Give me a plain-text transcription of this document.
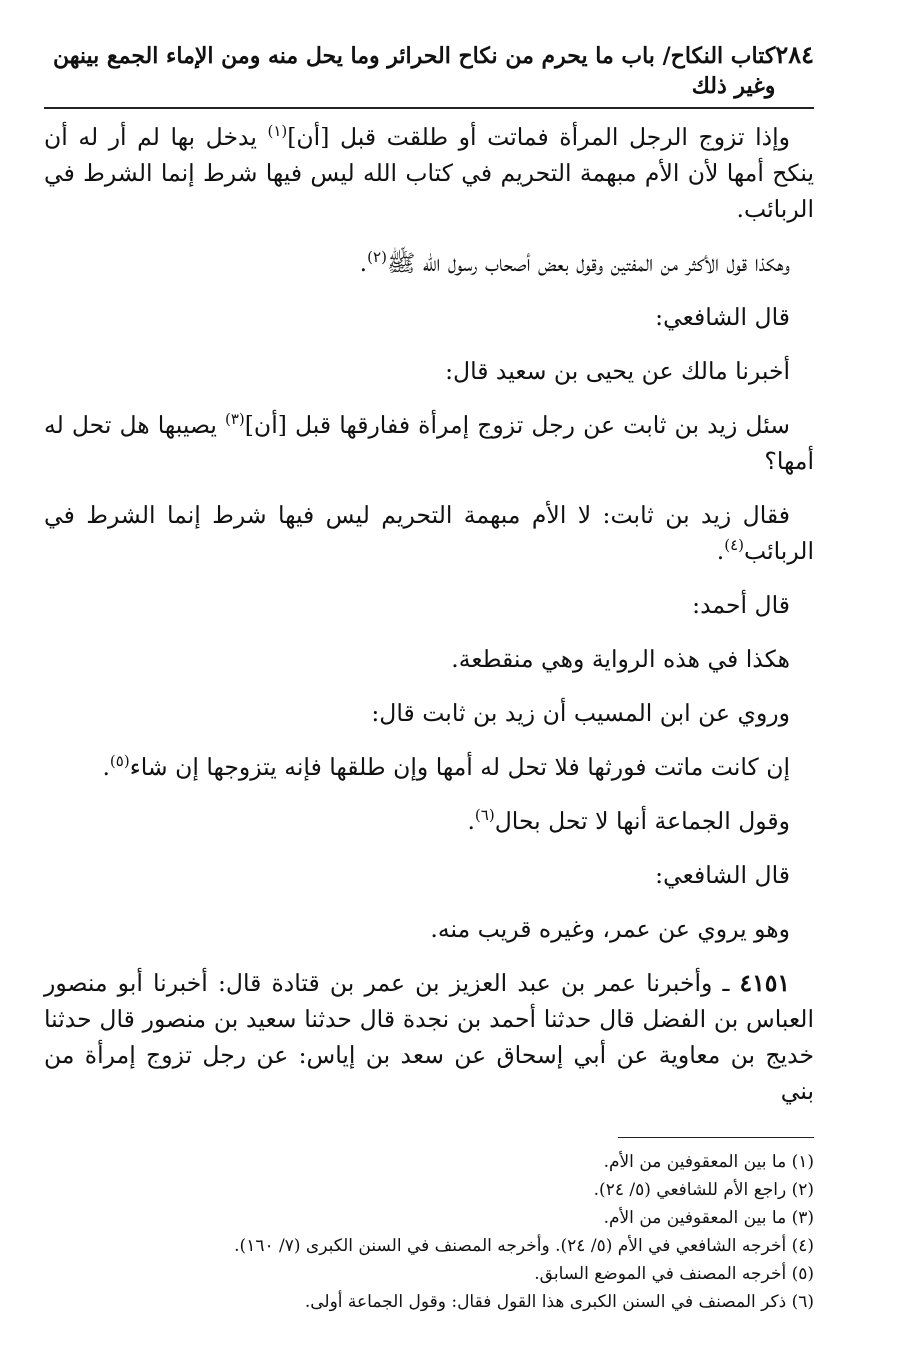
٢٨٤
كتاب النكاح/ باب ما يحرم من نكاح الحرائر وما يحل منه ومن الإماء الجمع بينهن وغير ذلك

وإذا تزوج الرجل المرأة فماتت أو طلقت قبل [أن]$^{(١)}$ يدخل بها لم أر له أن ينكح أمها لأن الأم مبهمة التحريم في كتاب الله ليس فيها شرط إنما الشرط في الربائب.

وهكذا قول الأكثر من المفتين وقول بعض أصحاب رسول الله ﷺ$^{(٢)}$.

قال الشافعي:

أخبرنا مالك عن يحيى بن سعيد قال:

سئل زيد بن ثابت عن رجل تزوج إمرأة ففارقها قبل [أن]$^{(٣)}$ يصيبها هل تحل له أمها؟

فقال زيد بن ثابت: لا الأم مبهمة التحريم ليس فيها شرط إنما الشرط في الربائب$^{(٤)}$.

قال أحمد:

هكذا في هذه الرواية وهي منقطعة.

وروي عن ابن المسيب أن زيد بن ثابت قال:

إن كانت ماتت فورثها فلا تحل له أمها وإن طلقها فإنه يتزوجها إن شاء$^{(٥)}$.

وقول الجماعة أنها لا تحل بحال$^{(٦)}$.

قال الشافعي:

وهو يروي عن عمر، وغيره قريب منه.

٤١٥١ ـ وأخبرنا عمر بن عبد العزيز بن عمر بن قتادة قال: أخبرنا أبو منصور العباس بن الفضل قال حدثنا أحمد بن نجدة قال حدثنا سعيد بن منصور قال حدثنا خديج بن معاوية عن أبي إسحاق عن سعد بن إياس: عن رجل تزوج إمرأة من بني

(١) ما بين المعقوفين من الأم.

(٢) راجع الأم للشافعي (٥/ ٢٤).

(٣) ما بين المعقوفين من الأم.

(٤) أخرجه الشافعي في الأم (٥/ ٢٤). وأخرجه المصنف في السنن الكبرى (٧/ ١٦٠).

(٥) أخرجه المصنف في الموضع السابق.

(٦) ذكر المصنف في السنن الكبرى هذا القول فقال: وقول الجماعة أولى.
